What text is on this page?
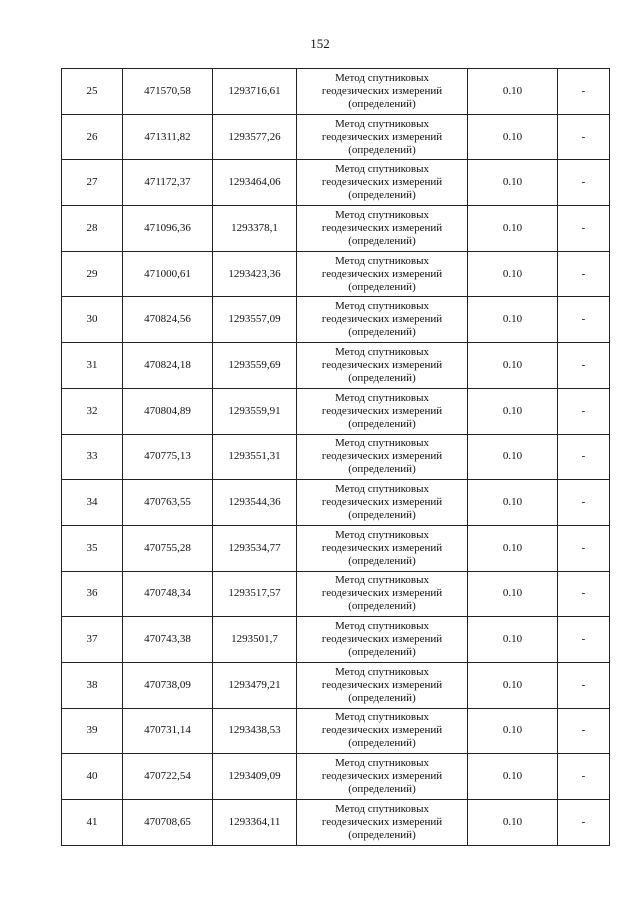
152
25	471570,58	1293716,61	Метод спутниковых
геодезических измерений
(определений)	0.10	-
26	471311,82	1293577,26	Метод спутниковых
геодезических измерений
(определений)	0.10	-
27	471172,37	1293464,06	Метод спутниковых
геодезических измерений
(определений)	0.10	-
28	471096,36	1293378,1	Метод спутниковых
геодезических измерений
(определений)	0.10	-
29	471000,61	1293423,36	Метод спутниковых
геодезических измерений
(определений)	0.10	-
30	470824,56	1293557,09	Метод спутниковых
геодезических измерений
(определений)	0.10	-
31	470824,18	1293559,69	Метод спутниковых
геодезических измерений
(определений)	0.10	-
32	470804,89	1293559,91	Метод спутниковых
геодезических измерений
(определений)	0.10	-
33	470775,13	1293551,31	Метод спутниковых
геодезических измерений
(определений)	0.10	-
34	470763,55	1293544,36	Метод спутниковых
геодезических измерений
(определений)	0.10	-
35	470755,28	1293534,77	Метод спутниковых
геодезических измерений
(определений)	0.10	-
36	470748,34	1293517,57	Метод спутниковых
геодезических измерений
(определений)	0.10	-
37	470743,38	1293501,7	Метод спутниковых
геодезических измерений
(определений)	0.10	-
38	470738,09	1293479,21	Метод спутниковых
геодезических измерений
(определений)	0.10	-
39	470731,14	1293438,53	Метод спутниковых
геодезических измерений
(определений)	0.10	-
40	470722,54	1293409,09	Метод спутниковых
геодезических измерений
(определений)	0.10	-
41	470708,65	1293364,11	Метод спутниковых
геодезических измерений
(определений)	0.10	-
